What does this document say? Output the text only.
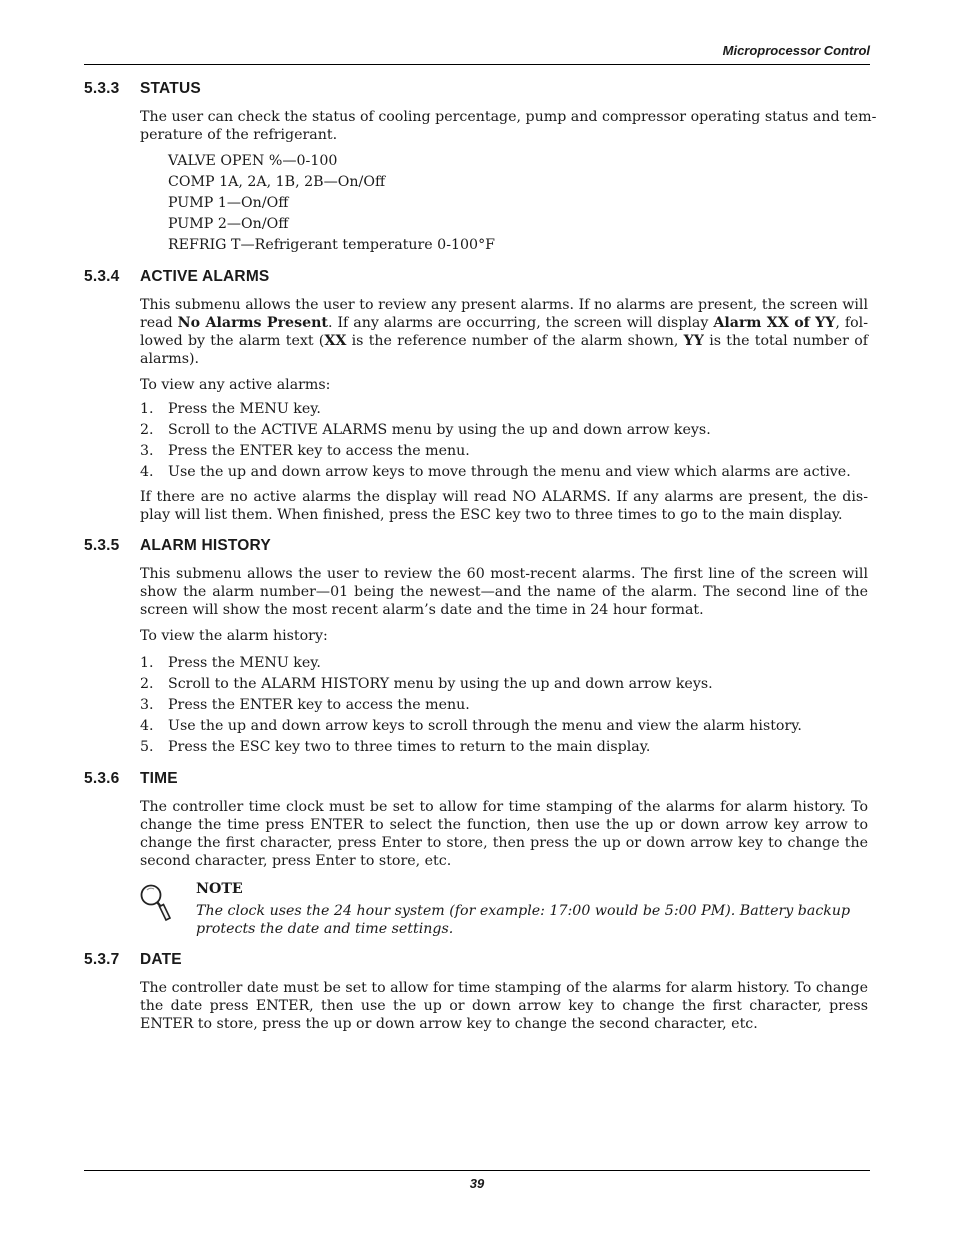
Microprocessor Control
5.3.3 STATUS
The user can check the status of cooling percentage, pump and compressor operating status and tem-
perature of the refrigerant.
VALVE OPEN %—0-100
COMP 1A, 2A, 1B, 2B—On/Off
PUMP 1—On/Off
PUMP 2—On/Off
REFRIG T—Refrigerant temperature 0-100°F
5.3.4 ACTIVE ALARMS
This submenu allows the user to review any present alarms. If no alarms are present, the screen will
read No Alarms Present. If any alarms are occurring, the screen will display Alarm XX of YY, fol-
lowed by the alarm text (XX is the reference number of the alarm shown, YY is the total number of
alarms).
To view any active alarms:
1. Press the MENU key.
2. Scroll to the ACTIVE ALARMS menu by using the up and down arrow keys.
3. Press the ENTER key to access the menu.
4. Use the up and down arrow keys to move through the menu and view which alarms are active.
If there are no active alarms the display will read NO ALARMS. If any alarms are present, the dis-
play will list them. When finished, press the ESC key two to three times to go to the main display.
5.3.5 ALARM HISTORY
This submenu allows the user to review the 60 most-recent alarms. The first line of the screen will
show the alarm number—01 being the newest—and the name of the alarm. The second line of the
screen will show the most recent alarm’s date and the time in 24 hour format.
To view the alarm history:
1. Press the MENU key.
2. Scroll to the ALARM HISTORY menu by using the up and down arrow keys.
3. Press the ENTER key to access the menu.
4. Use the up and down arrow keys to scroll through the menu and view the alarm history.
5. Press the ESC key two to three times to return to the main display.
5.3.6 TIME
The controller time clock must be set to allow for time stamping of the alarms for alarm history. To
change the time press ENTER to select the function, then use the up or down arrow key arrow to
change the first character, press Enter to store, then press the up or down arrow key to change the
second character, press Enter to store, etc.
NOTE
The clock uses the 24 hour system (for example: 17:00 would be 5:00 PM). Battery backup
protects the date and time settings.
5.3.7 DATE
The controller date must be set to allow for time stamping of the alarms for alarm history. To change
the date press ENTER, then use the up or down arrow key to change the first character, press
ENTER to store, press the up or down arrow key to change the second character, etc.
39
